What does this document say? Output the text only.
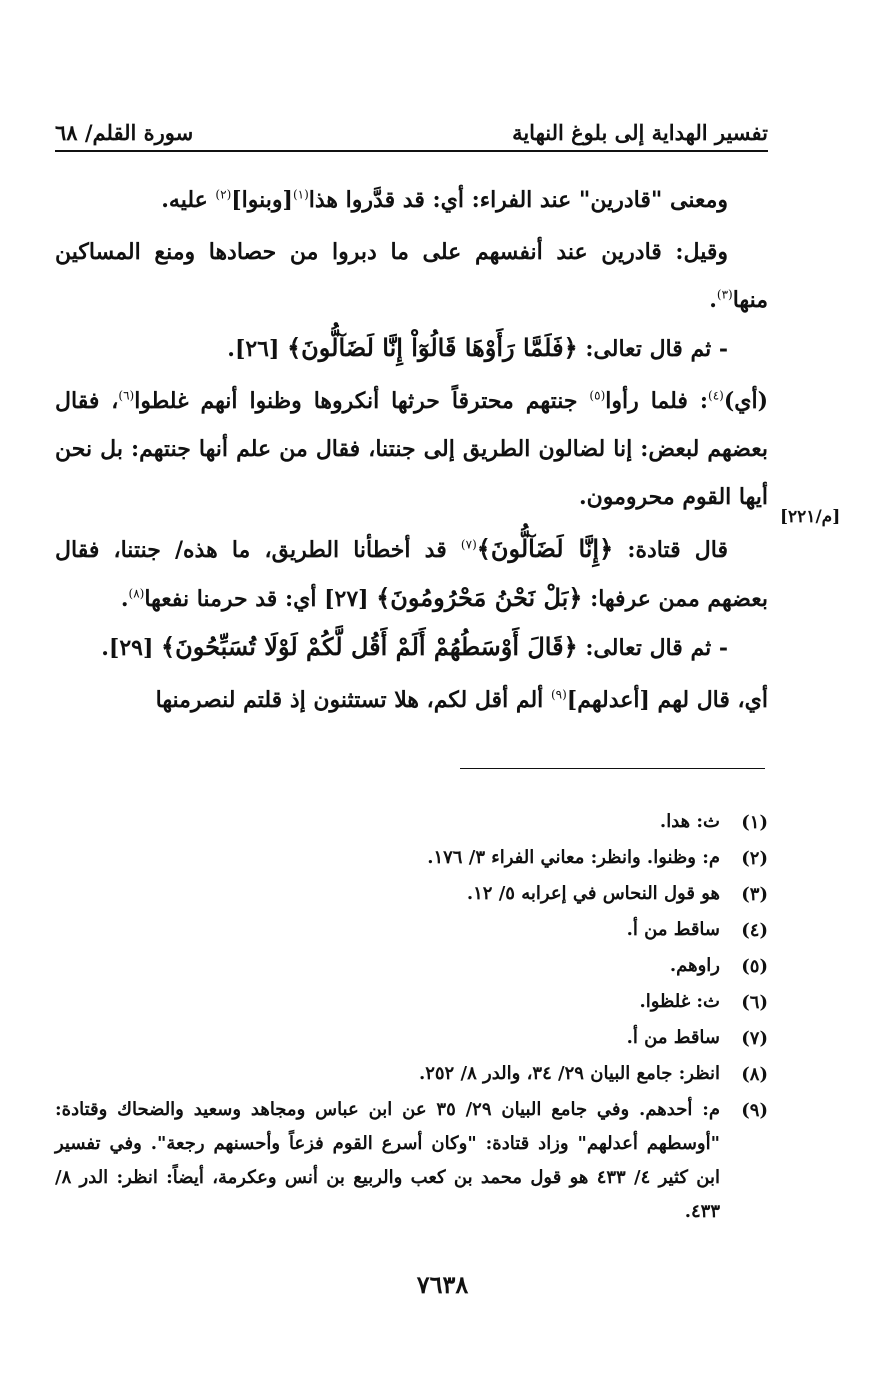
سورة القلم/ ٦٨	تفسير الهداية إلى بلوغ النهاية

ومعنى "قادرين" عند الفراء: أي: قد قدَّروا هذا$^{(١)}$[وبنوا]$^{(٢)}$ عليه.

وقيل: قادرين عند أنفسهم على ما دبروا من حصادها ومنع المساكين منها$^{(٣)}$.

- ثم قال تعالى: ﴿فَلَمَّا رَأَوْهَا قَالُوٓاْ إِنَّا لَضَآلُّونَ﴾ [٢٦].

(أي)$^{(٤)}$: فلما رأوا$^{(٥)}$ جنتهم محترقاً حرثها أنكروها وظنوا أنهم غلطوا$^{(٦)}$، فقال بعضهم لبعض: إنا لضالون الطريق إلى جنتنا، فقال من علم أنها جنتهم: بل نحن أيها القوم محرومون.

قال قتادة: ﴿إِنَّا لَضَآلُّونَ﴾$^{(٧)}$ قد أخطأنا الطريق، ما هذه/ جنتنا، فقال بعضهم ممن عرفها: ﴿بَلْ نَحْنُ مَحْرُومُونَ﴾ [٢٧] أي: قد حرمنا نفعها$^{(٨)}$.

- ثم قال تعالى: ﴿قَالَ أَوْسَطُهُمْ أَلَمْ أَقُل لَّكُمْ لَوْلَا تُسَبِّحُونَ﴾ [٢٩].

أي، قال لهم [أعدلهم]$^{(٩)}$ ألم أقل لكم، هلا تستثنون إذ قلتم لنصرمنها

[م/٢٢١]
(١)
ث: هدا.
(٢)
م: وظنوا. وانظر: معاني الفراء ٣/ ١٧٦.
(٣)
هو قول النحاس في إعرابه ٥/ ١٢.
(٤)
ساقط من أ.
(٥)
راوهم.
(٦)
ث: غلظوا.
(٧)
ساقط من أ.
(٨)
انظر: جامع البيان ٢٩/ ٣٤، والدر ٨/ ٢٥٢.
(٩)
م: أحدهم. وفي جامع البيان ٢٩/ ٣٥ عن ابن عباس ومجاهد وسعيد والضحاك وقتادة: "أوسطهم أعدلهم" وزاد قتادة: "وكان أسرع القوم فزعاً وأحسنهم رجعة". وفي تفسير ابن كثير ٤/ ٤٣٣ هو قول محمد بن كعب والربيع بن أنس وعكرمة، أيضاً: انظر: الدر ٨/ ٤٣٣.
٧٦٣٨
